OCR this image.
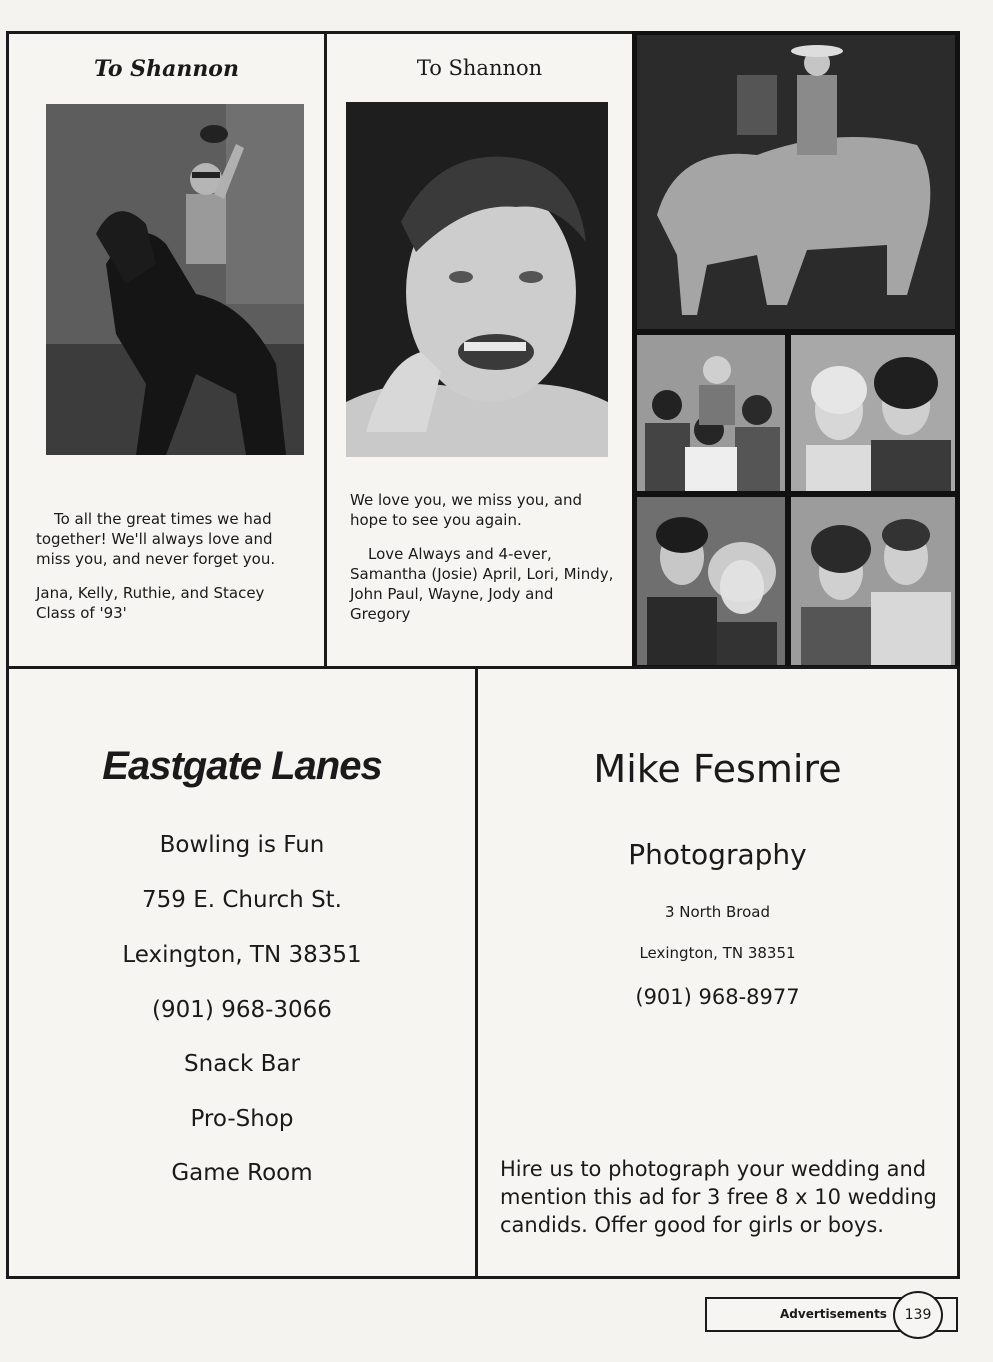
To Shannon

To all the great times we had together! We'll always love and miss you, and never forget you.

Jana, Kelly, Ruthie, and Stacey Class of '93'

To Shannon

We love you, we miss you, and hope to see you again.

Love Always and 4-ever, Samantha (Josie) April, Lori, Mindy, John Paul, Wayne, Jody and Gregory

Eastgate Lanes
Bowling is Fun
759 E. Church St.
Lexington, TN 38351
(901) 968-3066
Snack Bar
Pro-Shop
Game Room
Mike Fesmire
Photography
3 North Broad
Lexington, TN 38351
(901) 968-8977
Hire us to photograph your wedding and mention this ad for 3 free 8 x 10 wedding candids. Offer good for girls or boys.
Advertisements	139
